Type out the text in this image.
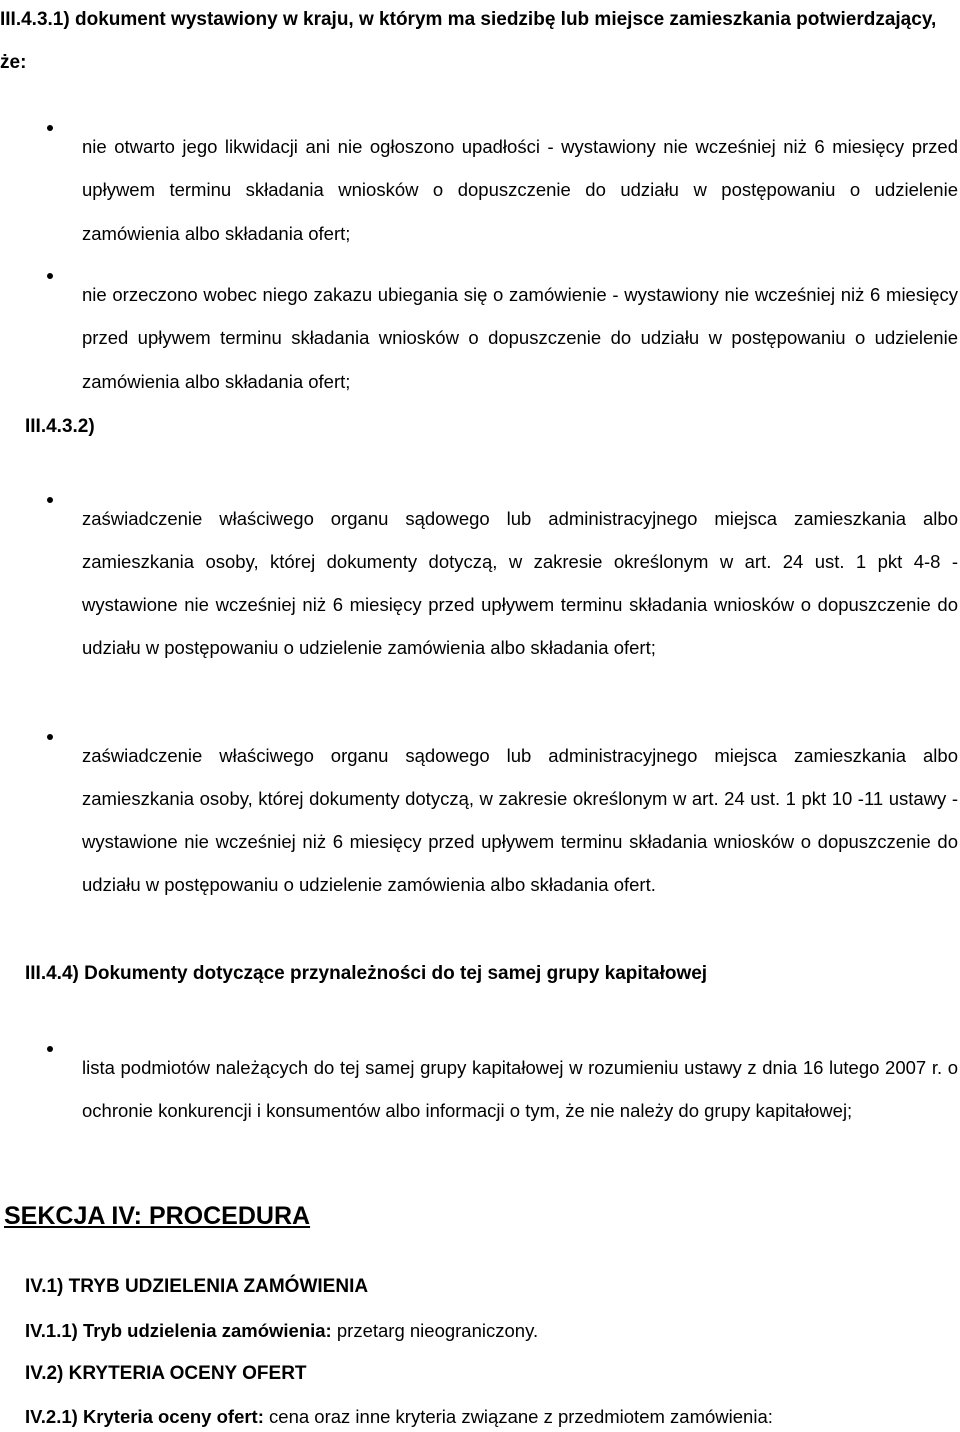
III.4.3.1) dokument wystawiony w kraju, w którym ma siedzibę lub miejsce zamieszkania potwierdzający, że:

nie otwarto jego likwidacji ani nie ogłoszono upadłości - wystawiony nie wcześniej niż 6 miesięcy przed upływem terminu składania wniosków o dopuszczenie do udziału w postępowaniu o udzielenie zamówienia albo składania ofert;

nie orzeczono wobec niego zakazu ubiegania się o zamówienie - wystawiony nie wcześniej niż 6 miesięcy przed upływem terminu składania wniosków o dopuszczenie do udziału w postępowaniu o udzielenie zamówienia albo składania ofert;

III.4.3.2)

zaświadczenie właściwego organu sądowego lub administracyjnego miejsca zamieszkania albo zamieszkania osoby, której dokumenty dotyczą, w zakresie określonym w art. 24 ust. 1 pkt 4-8 - wystawione nie wcześniej niż 6 miesięcy przed upływem terminu składania wniosków o dopuszczenie do udziału w postępowaniu o udzielenie zamówienia albo składania ofert;

zaświadczenie właściwego organu sądowego lub administracyjnego miejsca zamieszkania albo zamieszkania osoby, której dokumenty dotyczą, w zakresie określonym w art. 24 ust. 1 pkt 10 -11 ustawy - wystawione nie wcześniej niż 6 miesięcy przed upływem terminu składania wniosków o dopuszczenie do udziału w postępowaniu o udzielenie zamówienia albo składania ofert.

III.4.4) Dokumenty dotyczące przynależności do tej samej grupy kapitałowej

lista podmiotów należących do tej samej grupy kapitałowej w rozumieniu ustawy z dnia 16 lutego 2007 r. o ochronie konkurencji i konsumentów albo informacji o tym, że nie należy do grupy kapitałowej;

SEKCJA IV: PROCEDURA

IV.1) TRYB UDZIELENIA ZAMÓWIENIA

IV.1.1) Tryb udzielenia zamówienia: przetarg nieograniczony.

IV.2) KRYTERIA OCENY OFERT

IV.2.1) Kryteria oceny ofert: cena oraz inne kryteria związane z przedmiotem zamówienia:
